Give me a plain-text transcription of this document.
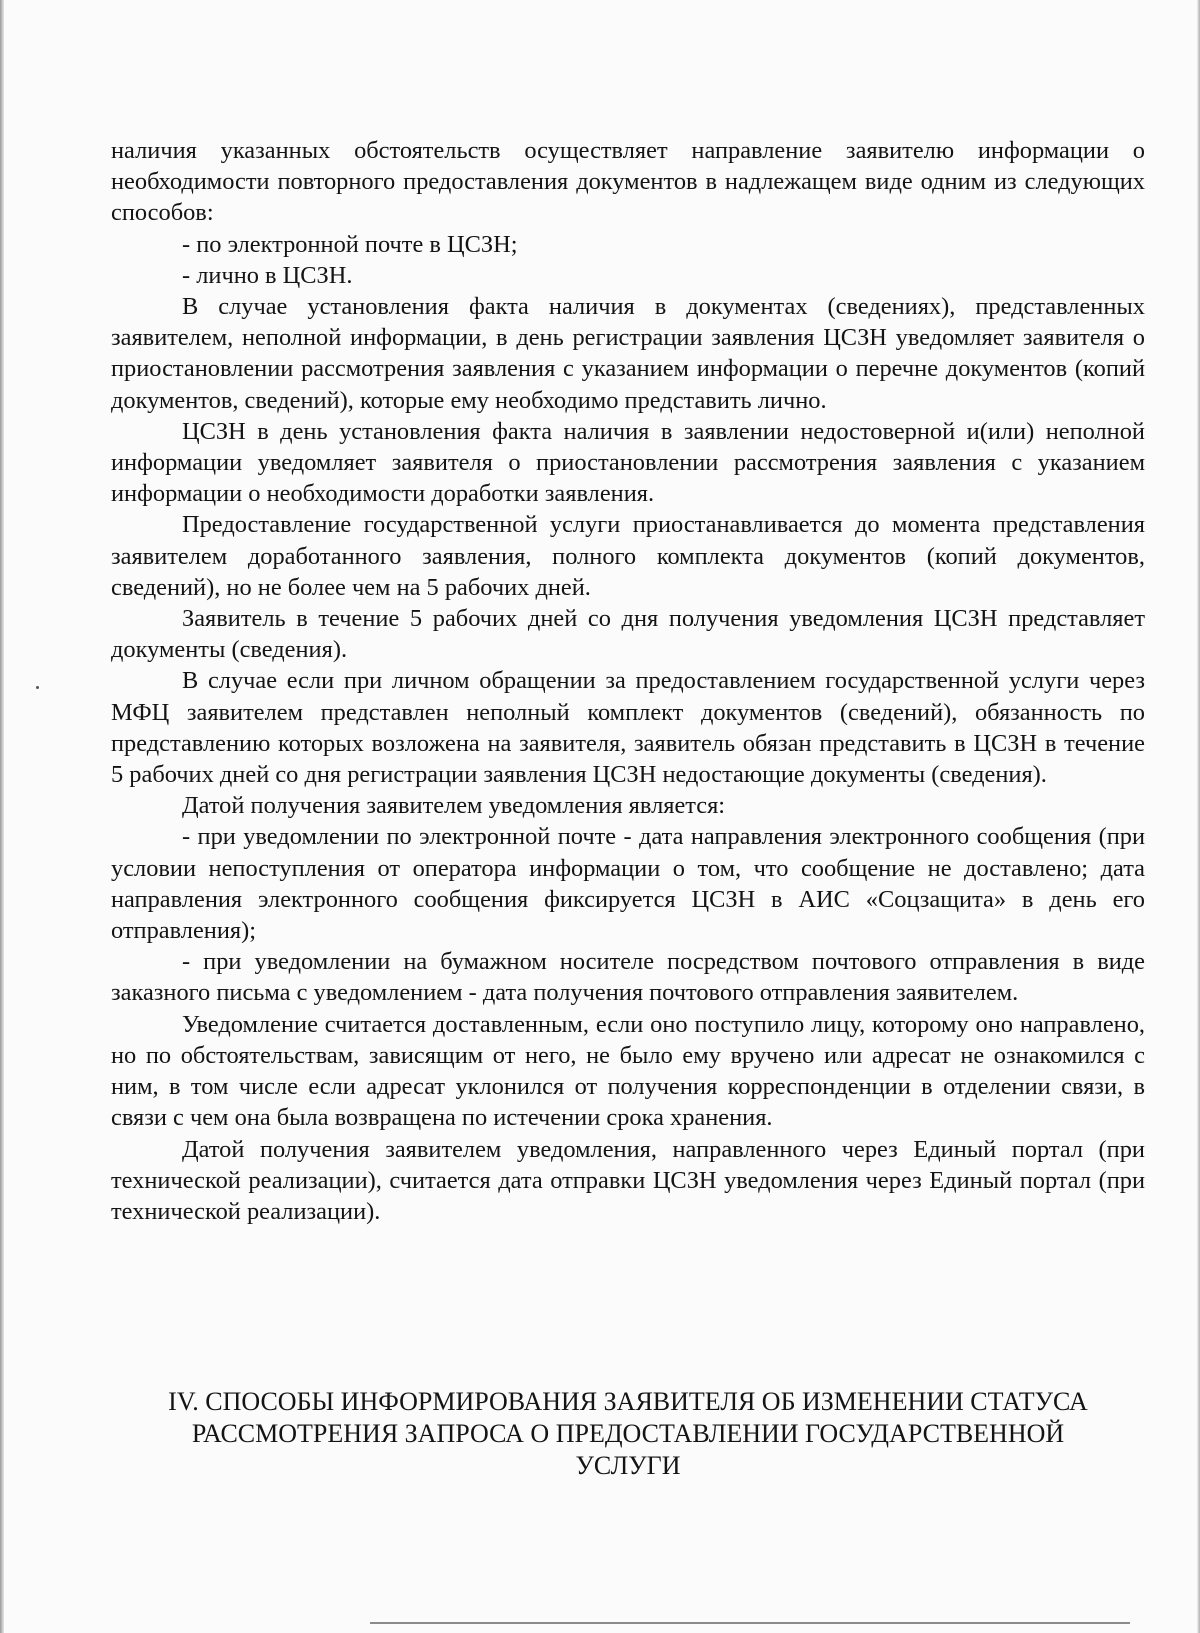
наличия указанных обстоятельств осуществляет направление заявителю информации о необходимости повторного предоставления документов в надлежащем виде одним из следующих способов:

- по электронной почте в ЦСЗН;

- лично в ЦСЗН.

В случае установления факта наличия в документах (сведениях), представленных заявителем, неполной информации, в день регистрации заявления ЦСЗН уведомляет заявителя о приостановлении рассмотрения заявления с указанием информации о перечне документов (копий документов, сведений), которые ему необходимо представить лично.

ЦСЗН в день установления факта наличия в заявлении недостоверной и(или) неполной информации уведомляет заявителя о приостановлении рассмотрения заявления с указанием информации о необходимости доработки заявления.

Предоставление государственной услуги приостанавливается до момента представления заявителем доработанного заявления, полного комплекта документов (копий документов, сведений), но не более чем на 5 рабочих дней.

Заявитель в течение 5 рабочих дней со дня получения уведомления ЦСЗН представляет документы (сведения).

В случае если при личном обращении за предоставлением государственной услуги через МФЦ заявителем представлен неполный комплект документов (сведений), обязанность по представлению которых возложена на заявителя, заявитель обязан представить в ЦСЗН в течение 5 рабочих дней со дня регистрации заявления ЦСЗН недостающие документы (сведения).

Датой получения заявителем уведомления является:

- при уведомлении по электронной почте - дата направления электронного сообщения (при условии непоступления от оператора информации о том, что сообщение не доставлено; дата направления электронного сообщения фиксируется ЦСЗН в АИС «Соцзащита» в день его отправления);

- при уведомлении на бумажном носителе посредством почтового отправления в виде заказного письма с уведомлением - дата получения почтового отправления заявителем.

Уведомление считается доставленным, если оно поступило лицу, которому оно направлено, но по обстоятельствам, зависящим от него, не было ему вручено или адресат не ознакомился с ним, в том числе если адресат уклонился от получения корреспонденции в отделении связи, в связи с чем она была возвращена по истечении срока хранения.

Датой получения заявителем уведомления, направленного через Единый портал (при технической реализации), считается дата отправки ЦСЗН уведомления через Единый портал (при технической реализации).

IV. СПОСОБЫ ИНФОРМИРОВАНИЯ ЗАЯВИТЕЛЯ ОБ ИЗМЕНЕНИИ СТАТУСА
РАССМОТРЕНИЯ ЗАПРОСА О ПРЕДОСТАВЛЕНИИ ГОСУДАРСТВЕННОЙ
УСЛУГИ
